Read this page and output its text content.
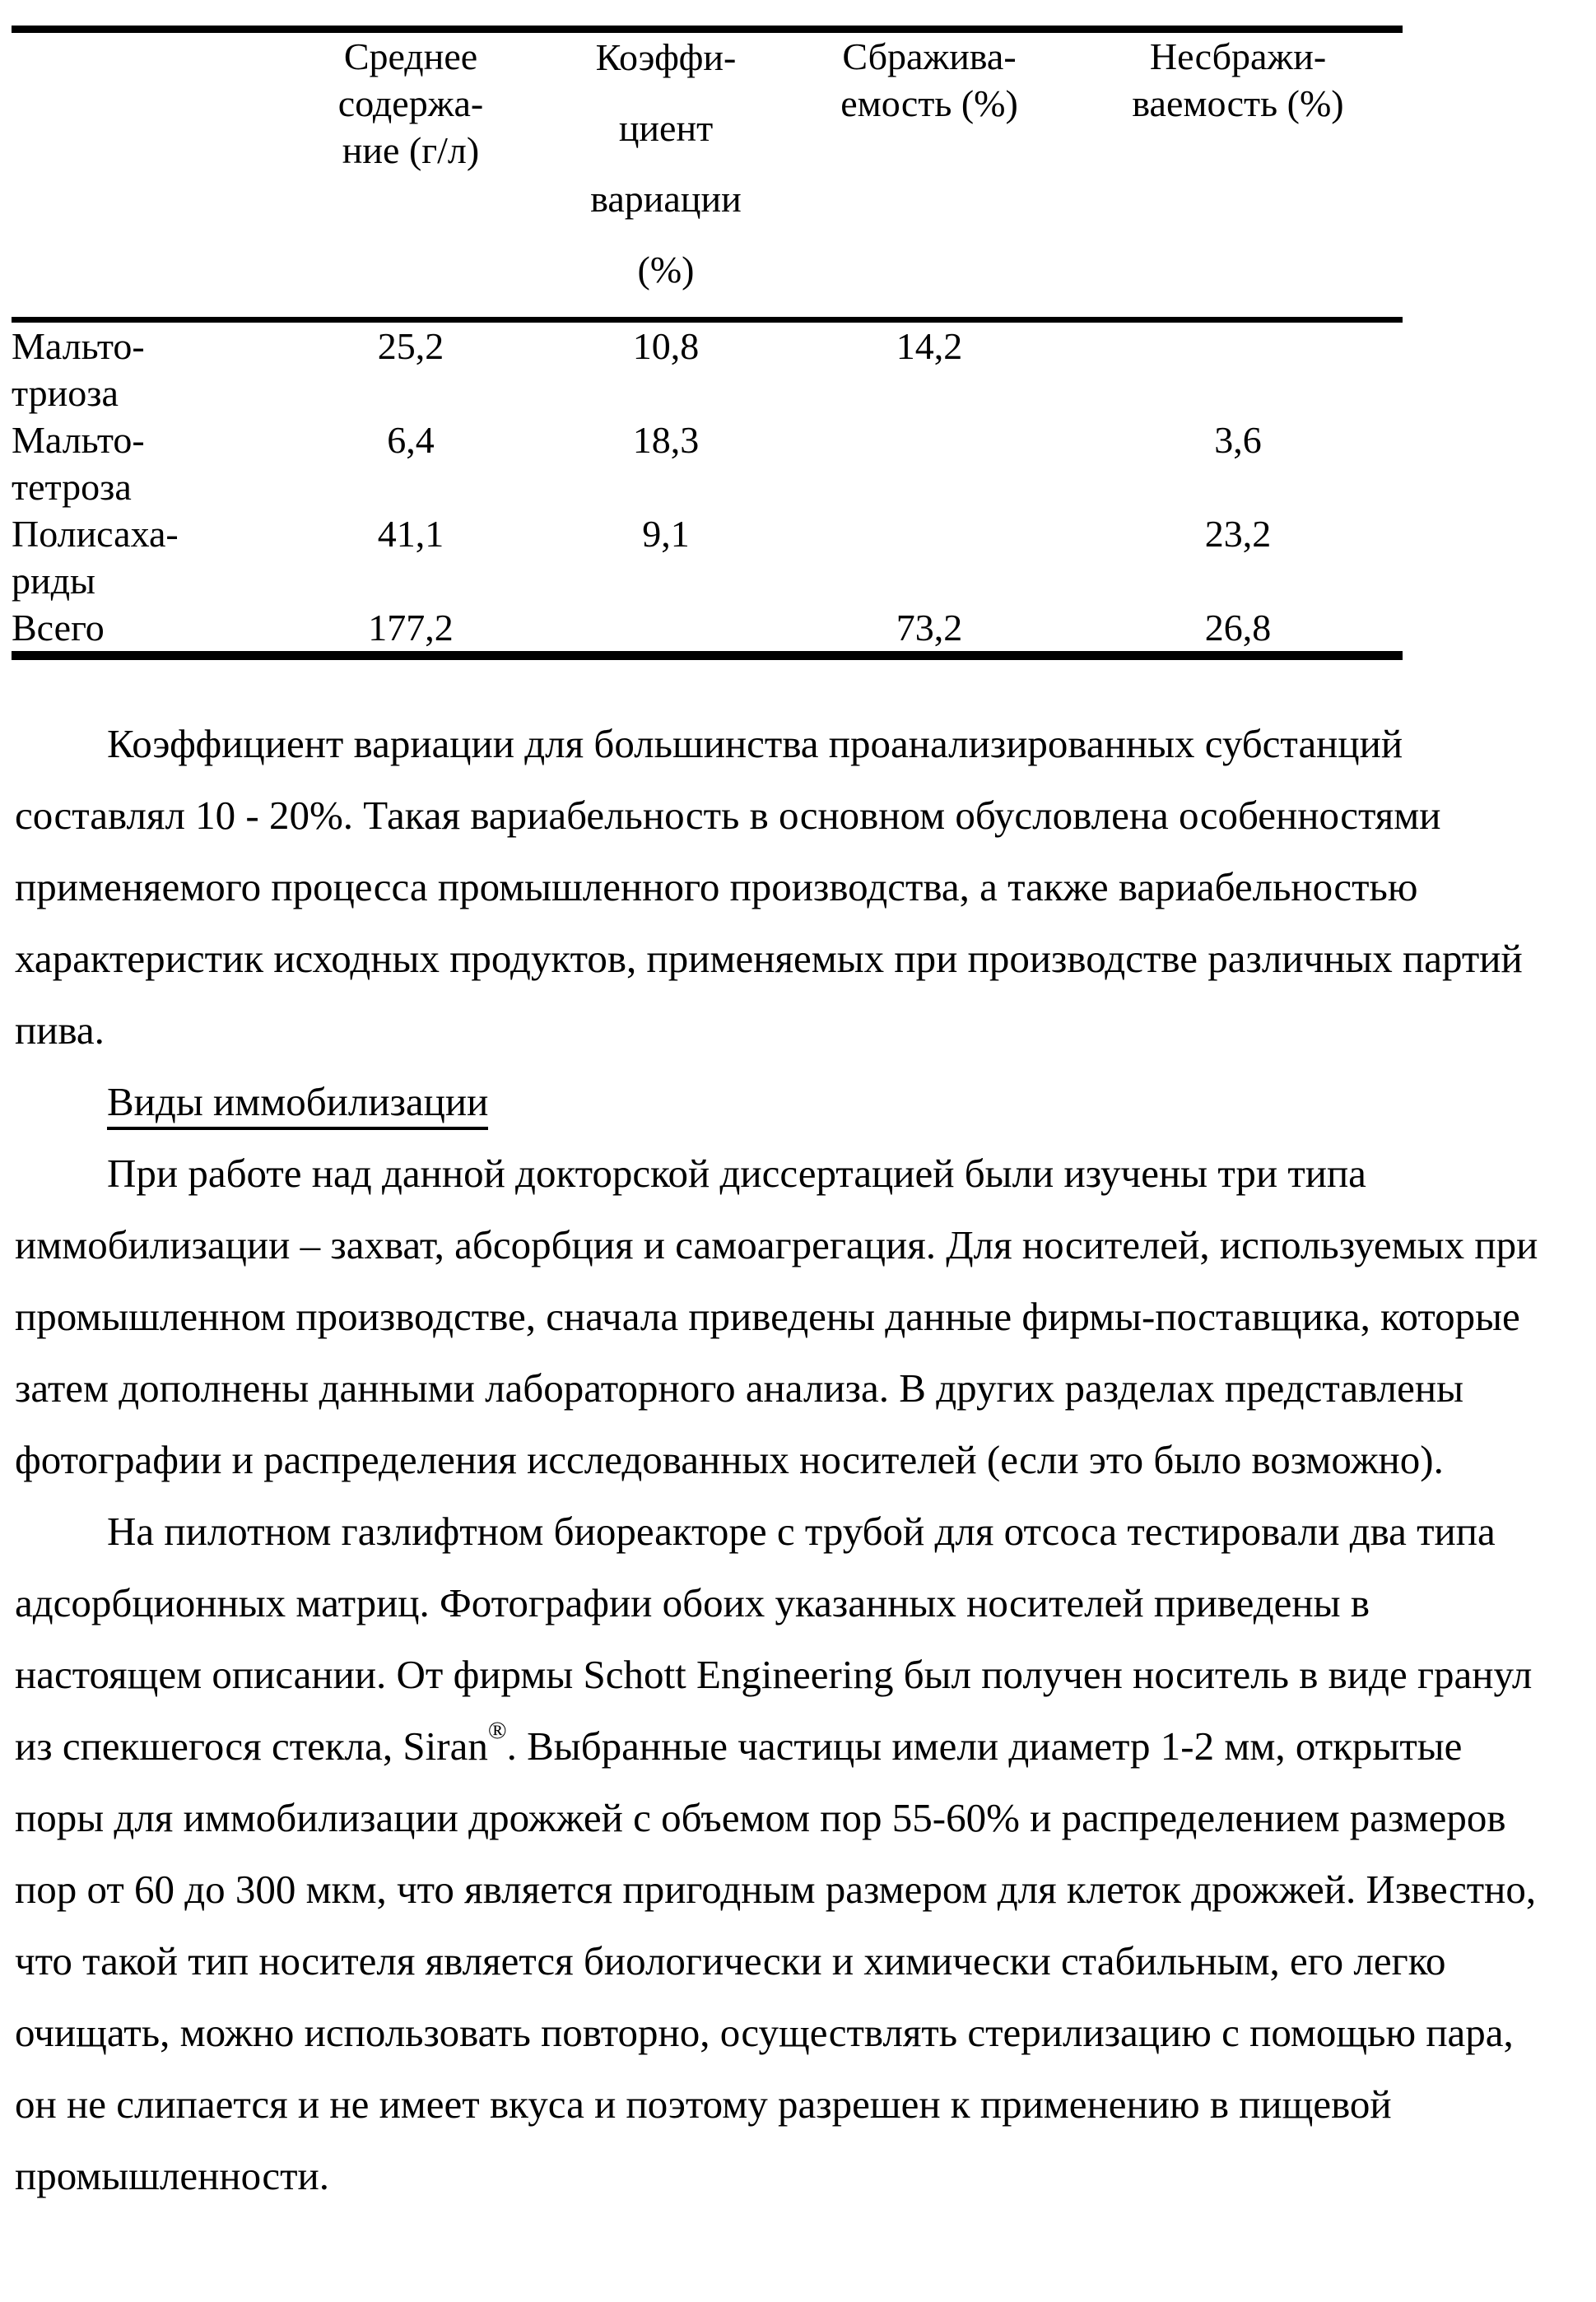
	Среднее
содержа-
ние (г/л)	Коэффи-
циент
вариации
(%)	Сбражива-
емость (%)	Несбражи-
ваемость (%)

Мальто-
триоза	25,2	10,8	14,2	

Мальто-
тетроза	6,4	18,3		3,6

Полисаха-
риды	41,1	9,1		23,2

Всего	177,2		73,2	26,8

Коэффициент вариации для большинства проанализированных субстанций составлял 10 - 20%. Такая вариабельность в основном обусловлена особенностями применяемого процесса промышленного производства, а также вариабельностью характеристик исходных продуктов, применяемых при производстве различных партий пива.

Виды иммобилизации

При работе над данной докторской диссертацией были изучены три типа иммобилизации – захват, абсорбция и самоагрегация. Для носителей, используемых при промышленном производстве, сначала приведены данные фирмы-поставщика, которые затем дополнены данными лабораторного анализа. В других разделах представлены фотографии и распределения исследованных носителей (если это было возможно).

На пилотном газлифтном биореакторе с трубой для отсоса тестировали два типа адсорбционных матриц. Фотографии обоих указанных носителей приведены в настоящем описании. От фирмы Schott Engineering был получен носитель в виде гранул из спекшегося стекла, Siran®. Выбранные частицы имели диаметр 1-2 мм, открытые поры для иммобилизации дрожжей с объемом пор 55-60% и распределением размеров пор от 60 до 300 мкм, что является пригодным размером для клеток дрожжей. Известно, что такой тип носителя является биологически и химически стабильным, его легко очищать, можно использовать повторно, осуществлять стерилизацию с помощью пара, он не слипается и не имеет вкуса и поэтому разрешен к применению в пищевой промышленности.
